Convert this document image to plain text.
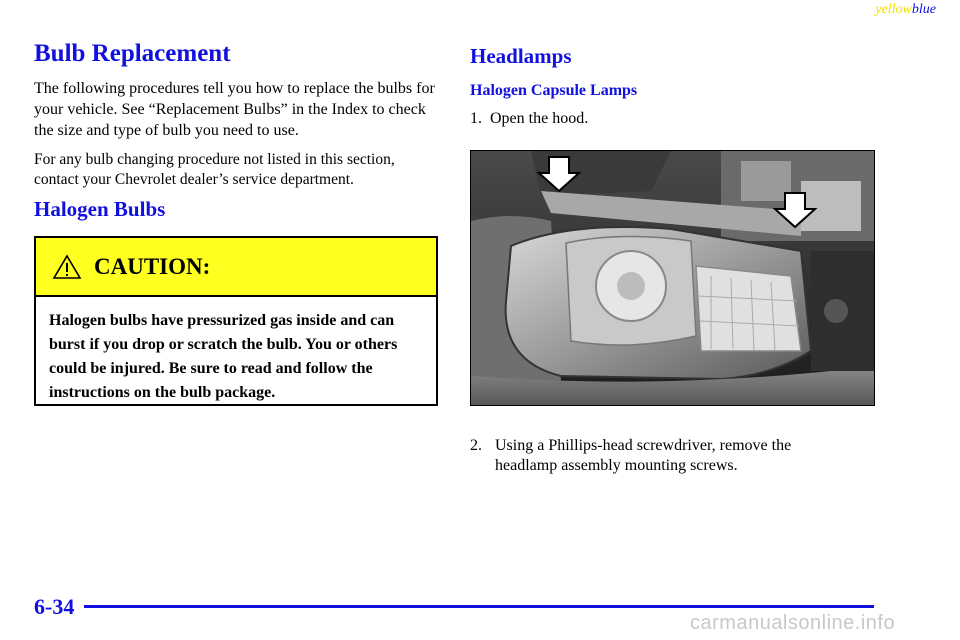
yellowblue
Bulb Replacement

The following procedures tell you how to replace the bulbs for your vehicle. See “Replacement Bulbs” in the Index to check the size and type of bulb you need to use.

For any bulb changing procedure not listed in this section, contact your Chevrolet dealer’s service department.

Halogen Bulbs
CAUTION:
Halogen bulbs have pressurized gas inside and can burst if you drop or scratch the bulb. You or others could be injured. Be sure to read and follow the instructions on the bulb package.
Headlamps
Halogen Capsule Lamps
1. Open the hood.
2. Using a Phillips-head screwdriver, remove the
headlamp assembly mounting screws.
6-34
carmanualsonline.info
